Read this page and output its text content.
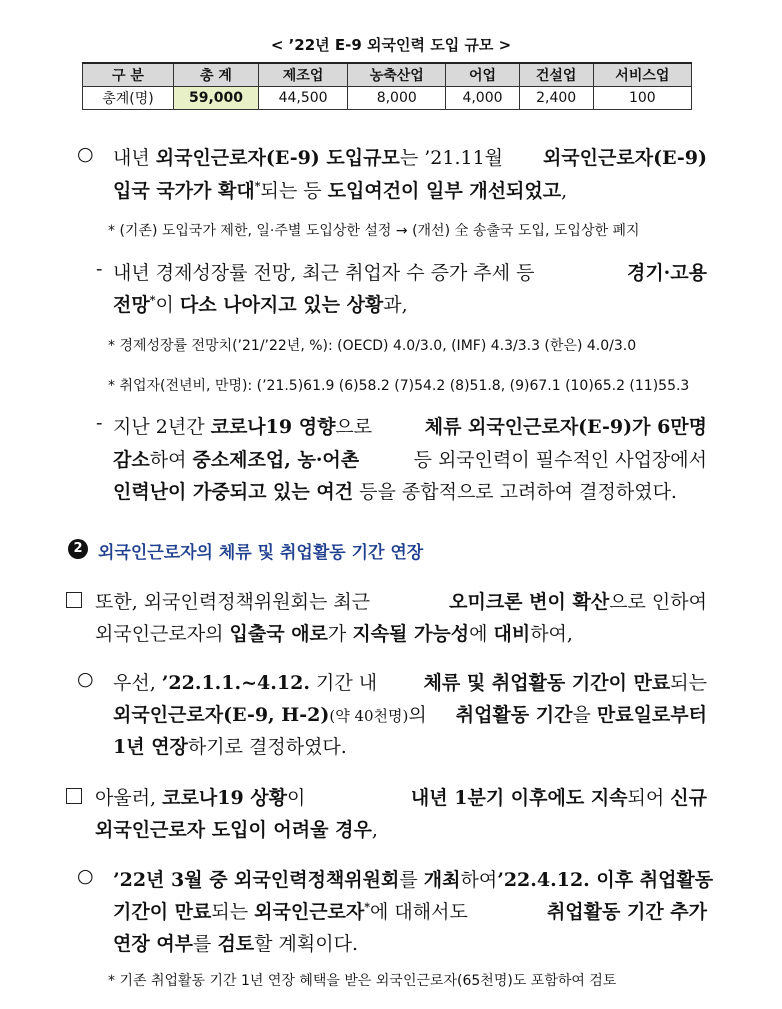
< ’22년 E-9 외국인력 도입 규모 >
구 분	총 계	제조업	농축산업	어업	건설업	서비스업
총계(명)	59,000	44,500	8,000	4,000	2,400	100
○ 내년 외국인근로자(E-9) 도입규모는 ’21.11월 외국인근로자(E-9)
입국 국가가 확대*되는 등 도입여건이 일부 개선되었고,
* (기존) 도입국가 제한, 일·주별 도입상한 설정 → (개선) 全 송출국 도입, 도입상한 폐지
- 내년 경제성장률 전망, 최근 취업자 수 증가 추세 등	경기·고용
전망*이 다소 나아지고 있는 상황과,
* 경제성장률 전망치(’21/’22년, %): (OECD) 4.0/3.0, (IMF) 4.3/3.3 (한은) 4.0/3.0
* 취업자(전년비, 만명): (’21.5)61.9 (6)58.2 (7)54.2 (8)51.8, (9)67.1 (10)65.2 (11)55.3
- 지난 2년간 코로나19 영향으로	체류 외국인근로자(E-9)가 6만명
감소하여 중소제조업, 농·어촌	등 외국인력이 필수적인 사업장에서
인력난이 가중되고 있는 여건 등을 종합적으로 고려하여 결정하였다.
2 외국인근로자의 체류 및 취업활동 기간 연장
또한, 외국인력정책위원회는 최근	오미크론 변이 확산으로 인하여
외국인근로자의 입출국 애로가 지속될 가능성에 대비하여,
○ 우선, ’22.1.1.~4.12. 기간 내 체류 및 취업활동 기간이 만료되는
외국인근로자(E-9, H-2)(약 40천명)의 취업활동 기간을 만료일로부터
1년 연장하기로 결정하였다.
아울러, 코로나19 상황이	내년 1분기 이후에도 지속되어 신규
외국인근로자 도입이 어려울 경우,
○ ’22년 3월 중 외국인력정책위원회를 개최하여 ’22.4.12. 이후 취업활동
기간이 만료되는 외국인근로자*에 대해서도	취업활동 기간 추가
연장 여부를 검토할 계획이다.
* 기존 취업활동 기간 1년 연장 혜택을 받은 외국인근로자(65천명)도 포함하여 검토
